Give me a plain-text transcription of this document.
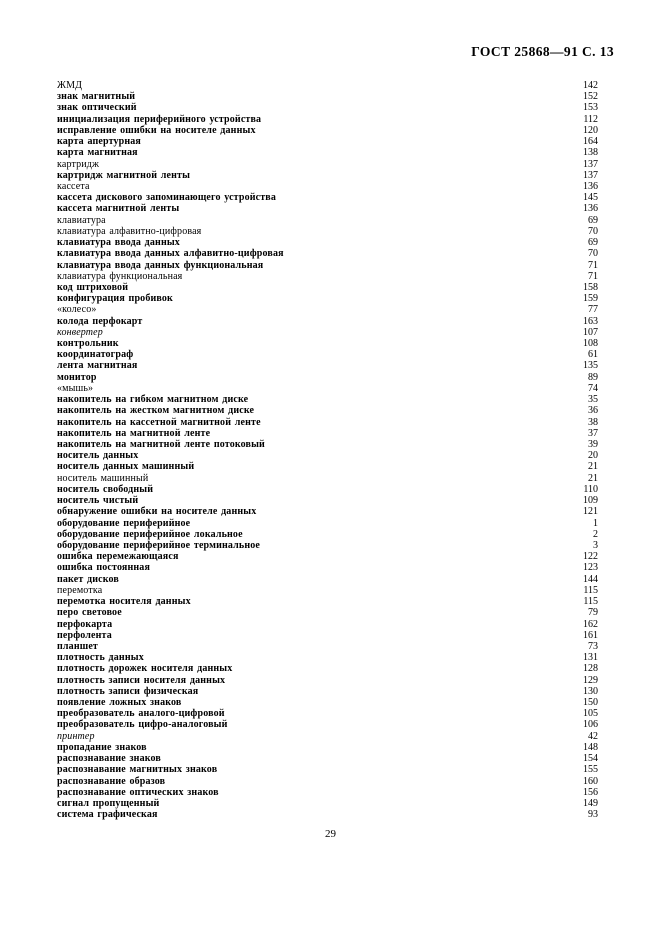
ГОСТ 25868—91 С. 13
ЖМД	142
знак магнитный	152
знак оптический	153
инициализация периферийного устройства	112
исправление ошибки на носителе данных	120
карта апертурная	164
карта магнитная	138
картридж	137
картридж магнитной ленты	137
кассета	136
кассета дискового запоминающего устройства	145
кассета магнитной ленты	136
клавиатура	69
клавиатура алфавитно-цифровая	70
клавиатура ввода данных	69
клавиатура ввода данных алфавитно-цифровая	70
клавиатура ввода данных функциональная	71
клавиатура функциональная	71
код штриховой	158
конфигурация пробивок	159
«колесо»	77
колода перфокарт	163
конвертер	107
контрольник	108
координатограф	61
лента магнитная	135
монитор	89
«мышь»	74
накопитель на гибком магнитном диске	35
накопитель на жестком магнитном диске	36
накопитель на кассетной магнитной ленте	38
накопитель на магнитной ленте	37
накопитель на магнитной ленте потоковый	39
носитель данных	20
носитель данных машинный	21
носитель машинный	21
носитель свободный	110
носитель чистый	109
обнаружение ошибки на носителе данных	121
оборудование периферийное	1
оборудование периферийное локальное	2
оборудование периферийное терминальное	3
ошибка перемежающаяся	122
ошибка постоянная	123
пакет дисков	144
перемотка	115
перемотка носителя данных	115
перо световое	79
перфокарта	162
перфолента	161
планшет	73
плотность данных	131
плотность дорожек носителя данных	128
плотность записи носителя данных	129
плотность записи физическая	130
появление ложных знаков	150
преобразователь аналого-цифровой	105
преобразователь цифро-аналоговый	106
принтер	42
пропадание знаков	148
распознавание знаков	154
распознавание магнитных знаков	155
распознавание образов	160
распознавание оптических знаков	156
сигнал пропущенный	149
система графическая	93
29
